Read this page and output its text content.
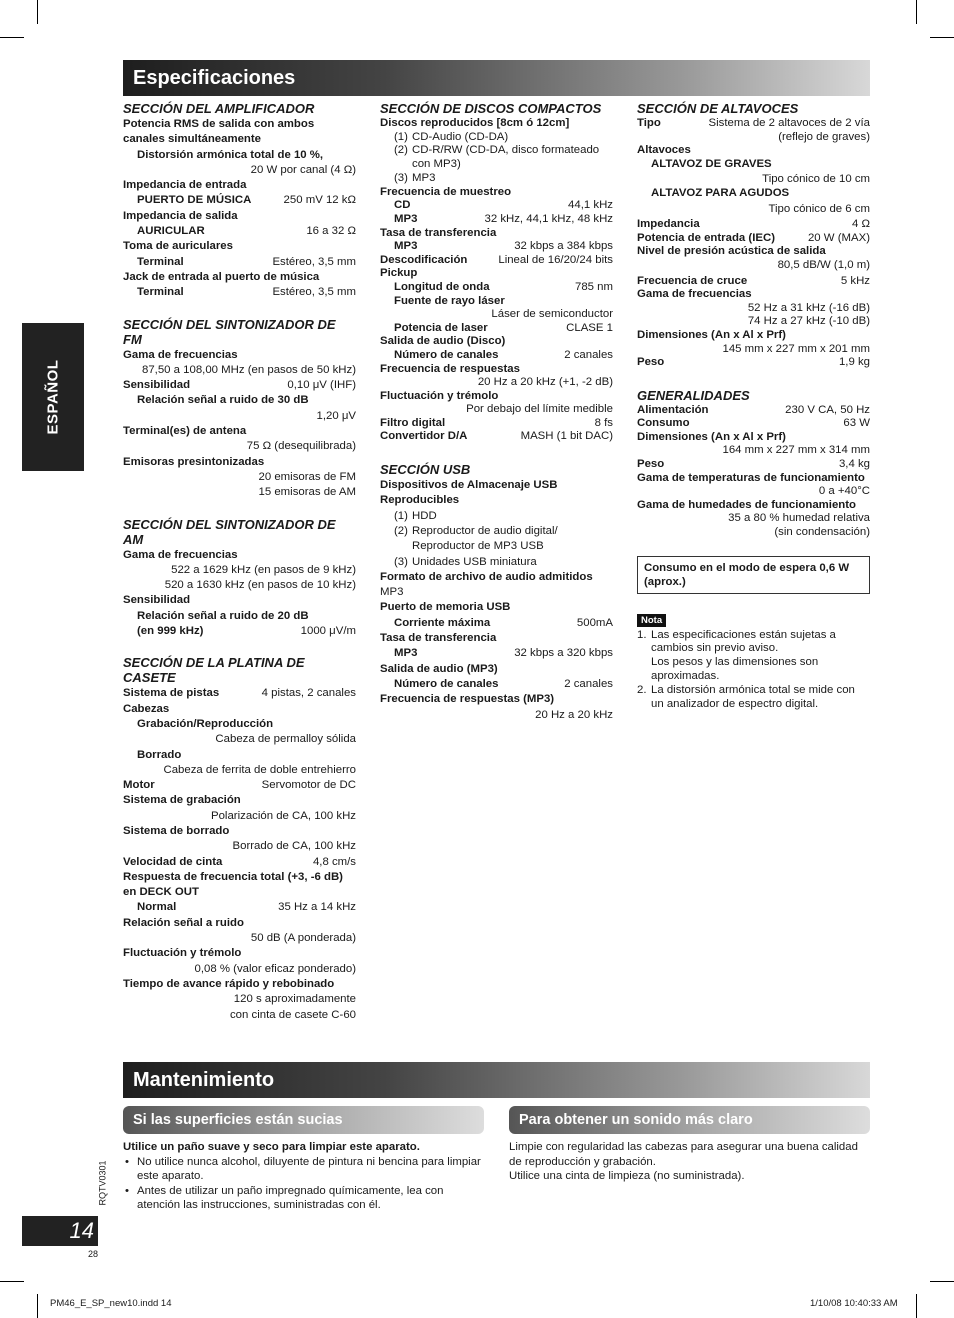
Especificaciones
ESPAÑOL
SECCIÓN DEL AMPLIFICADOR
Potencia RMS de salida con ambos
canales simultáneamente
Distorsión armónica total de 10 %,
20 W por canal (4 Ω)
Impedancia de entrada
PUERTO DE MÚSICA	250 mV 12 kΩ
Impedancia de salida
AURICULAR	16 a 32 Ω
Toma de auriculares
Terminal	Estéreo, 3,5 mm
Jack de entrada al puerto de música
Terminal	Estéreo, 3,5 mm
SECCIÓN DEL SINTONIZADOR DE FM
Gama de frecuencias
87,50 a 108,00 MHz (en pasos de 50 kHz)
Sensibilidad	0,10 μV (IHF)
Relación señal a ruido de 30 dB
1,20 μV
Terminal(es) de antena
75 Ω (desequilibrada)
Emisoras presintonizadas
20 emisoras de FM
15 emisoras de AM
SECCIÓN DEL SINTONIZADOR DE AM
Gama de frecuencias
522 a 1629 kHz (en pasos de 9 kHz)
520 a 1630 kHz (en pasos de 10 kHz)
Sensibilidad
Relación señal a ruido de 20 dB
(en 999 kHz)	1000 μV/m
SECCIÓN DE LA PLATINA DE CASETE
Sistema de pistas	4 pistas, 2 canales
Cabezas
Grabación/Reproducción
Cabeza de permalloy sólida
Borrado
Cabeza de ferrita de doble entrehierro
Motor	Servomotor de DC
Sistema de grabación
Polarización de CA, 100 kHz
Sistema de borrado
Borrado de CA, 100 kHz
Velocidad de cinta	4,8 cm/s
Respuesta de frecuencia total (+3, -6 dB)
en DECK OUT
Normal	35 Hz a 14 kHz
Relación señal a ruido
50 dB (A ponderada)
Fluctuación y trémolo
0,08 % (valor eficaz ponderado)
Tiempo de avance rápido y rebobinado
120 s aproximadamente
con cinta de casete C-60
SECCIÓN DE DISCOS COMPACTOS
Discos reproducidos [8cm ó 12cm]
(1) CD-Audio (CD-DA)
(2) CD-R/RW (CD-DA, disco formateado con MP3)
(3) MP3
Frecuencia de muestreo
CD	44,1 kHz
MP3	32 kHz, 44,1 kHz, 48 kHz
Tasa de transferencia
MP3	32 kbps a 384 kbps
Descodificación	Lineal de 16/20/24 bits
Pickup
Longitud de onda	785 nm
Fuente de rayo láser
Láser de semiconductor
Potencia de laser	CLASE 1
Salida de audio (Disco)
Número de canales	2 canales
Frecuencia de respuestas
20 Hz a 20 kHz (+1, -2 dB)
Fluctuación y trémolo
Por debajo del límite medible
Filtro digital	8 fs
Convertidor D/A	MASH (1 bit DAC)
SECCIÓN USB
Dispositivos de Almacenaje USB
Reproducibles
(1) HDD
(2) Reproductor de audio digital/ Reproductor de MP3 USB
(3) Unidades USB miniatura
Formato de archivo de audio admitidos
MP3
Puerto de memoria USB
Corriente máxima	500mA
Tasa de transferencia
MP3	32 kbps a 320 kbps
Salida de audio (MP3)
Número de canales	2 canales
Frecuencia de respuestas (MP3)
20 Hz a 20 kHz
SECCIÓN DE ALTAVOCES
Tipo	Sistema de 2 altavoces de 2 vía
(reflejo de graves)
Altavoces
ALTAVOZ DE GRAVES
Tipo cónico de 10 cm
ALTAVOZ PARA AGUDOS
Tipo cónico de 6 cm
Impedancia	4 Ω
Potencia de entrada (IEC)	20 W (MAX)
Nivel de presión acústica de salida
80,5 dB/W (1,0 m)
Frecuencia de cruce	5 kHz
Gama de frecuencias
52 Hz a 31 kHz (-16 dB)
74 Hz a 27 kHz (-10 dB)
Dimensiones (An x Al x Prf)
145 mm x 227 mm x 201 mm
Peso	1,9 kg
GENERALIDADES
Alimentación	230 V CA, 50 Hz
Consumo	63 W
Dimensiones (An x Al x Prf)
164 mm x 227 mm x 314 mm
Peso	3,4 kg
Gama de temperaturas de funcionamiento
0 a +40°C
Gama de humedades de funcionamiento
35 a 80 % humedad relativa
(sin condensación)
Consumo en el modo de espera 0,6 W (aprox.)
Nota
1. Las especificaciones están sujetas a cambios sin previo aviso.
Los pesos y las dimensiones son aproximadas.
2. La distorsión armónica total se mide con un analizador de espectro digital.
Mantenimiento
Si las superficies están sucias
Utilice un paño suave y seco para limpiar este aparato.
• No utilice nunca alcohol, diluyente de pintura ni bencina para limpiar este aparato.
• Antes de utilizar un paño impregnado químicamente, lea con atención las instrucciones, suministradas con él.
Para obtener un sonido más claro
Limpie con regularidad las cabezas para asegurar una buena calidad de reproducción y grabación.
Utilice una cinta de limpieza (no suministrada).
RQTV0301
14
28
PM46_E_SP_new10.indd 14	1/10/08 10:40:33 AM
